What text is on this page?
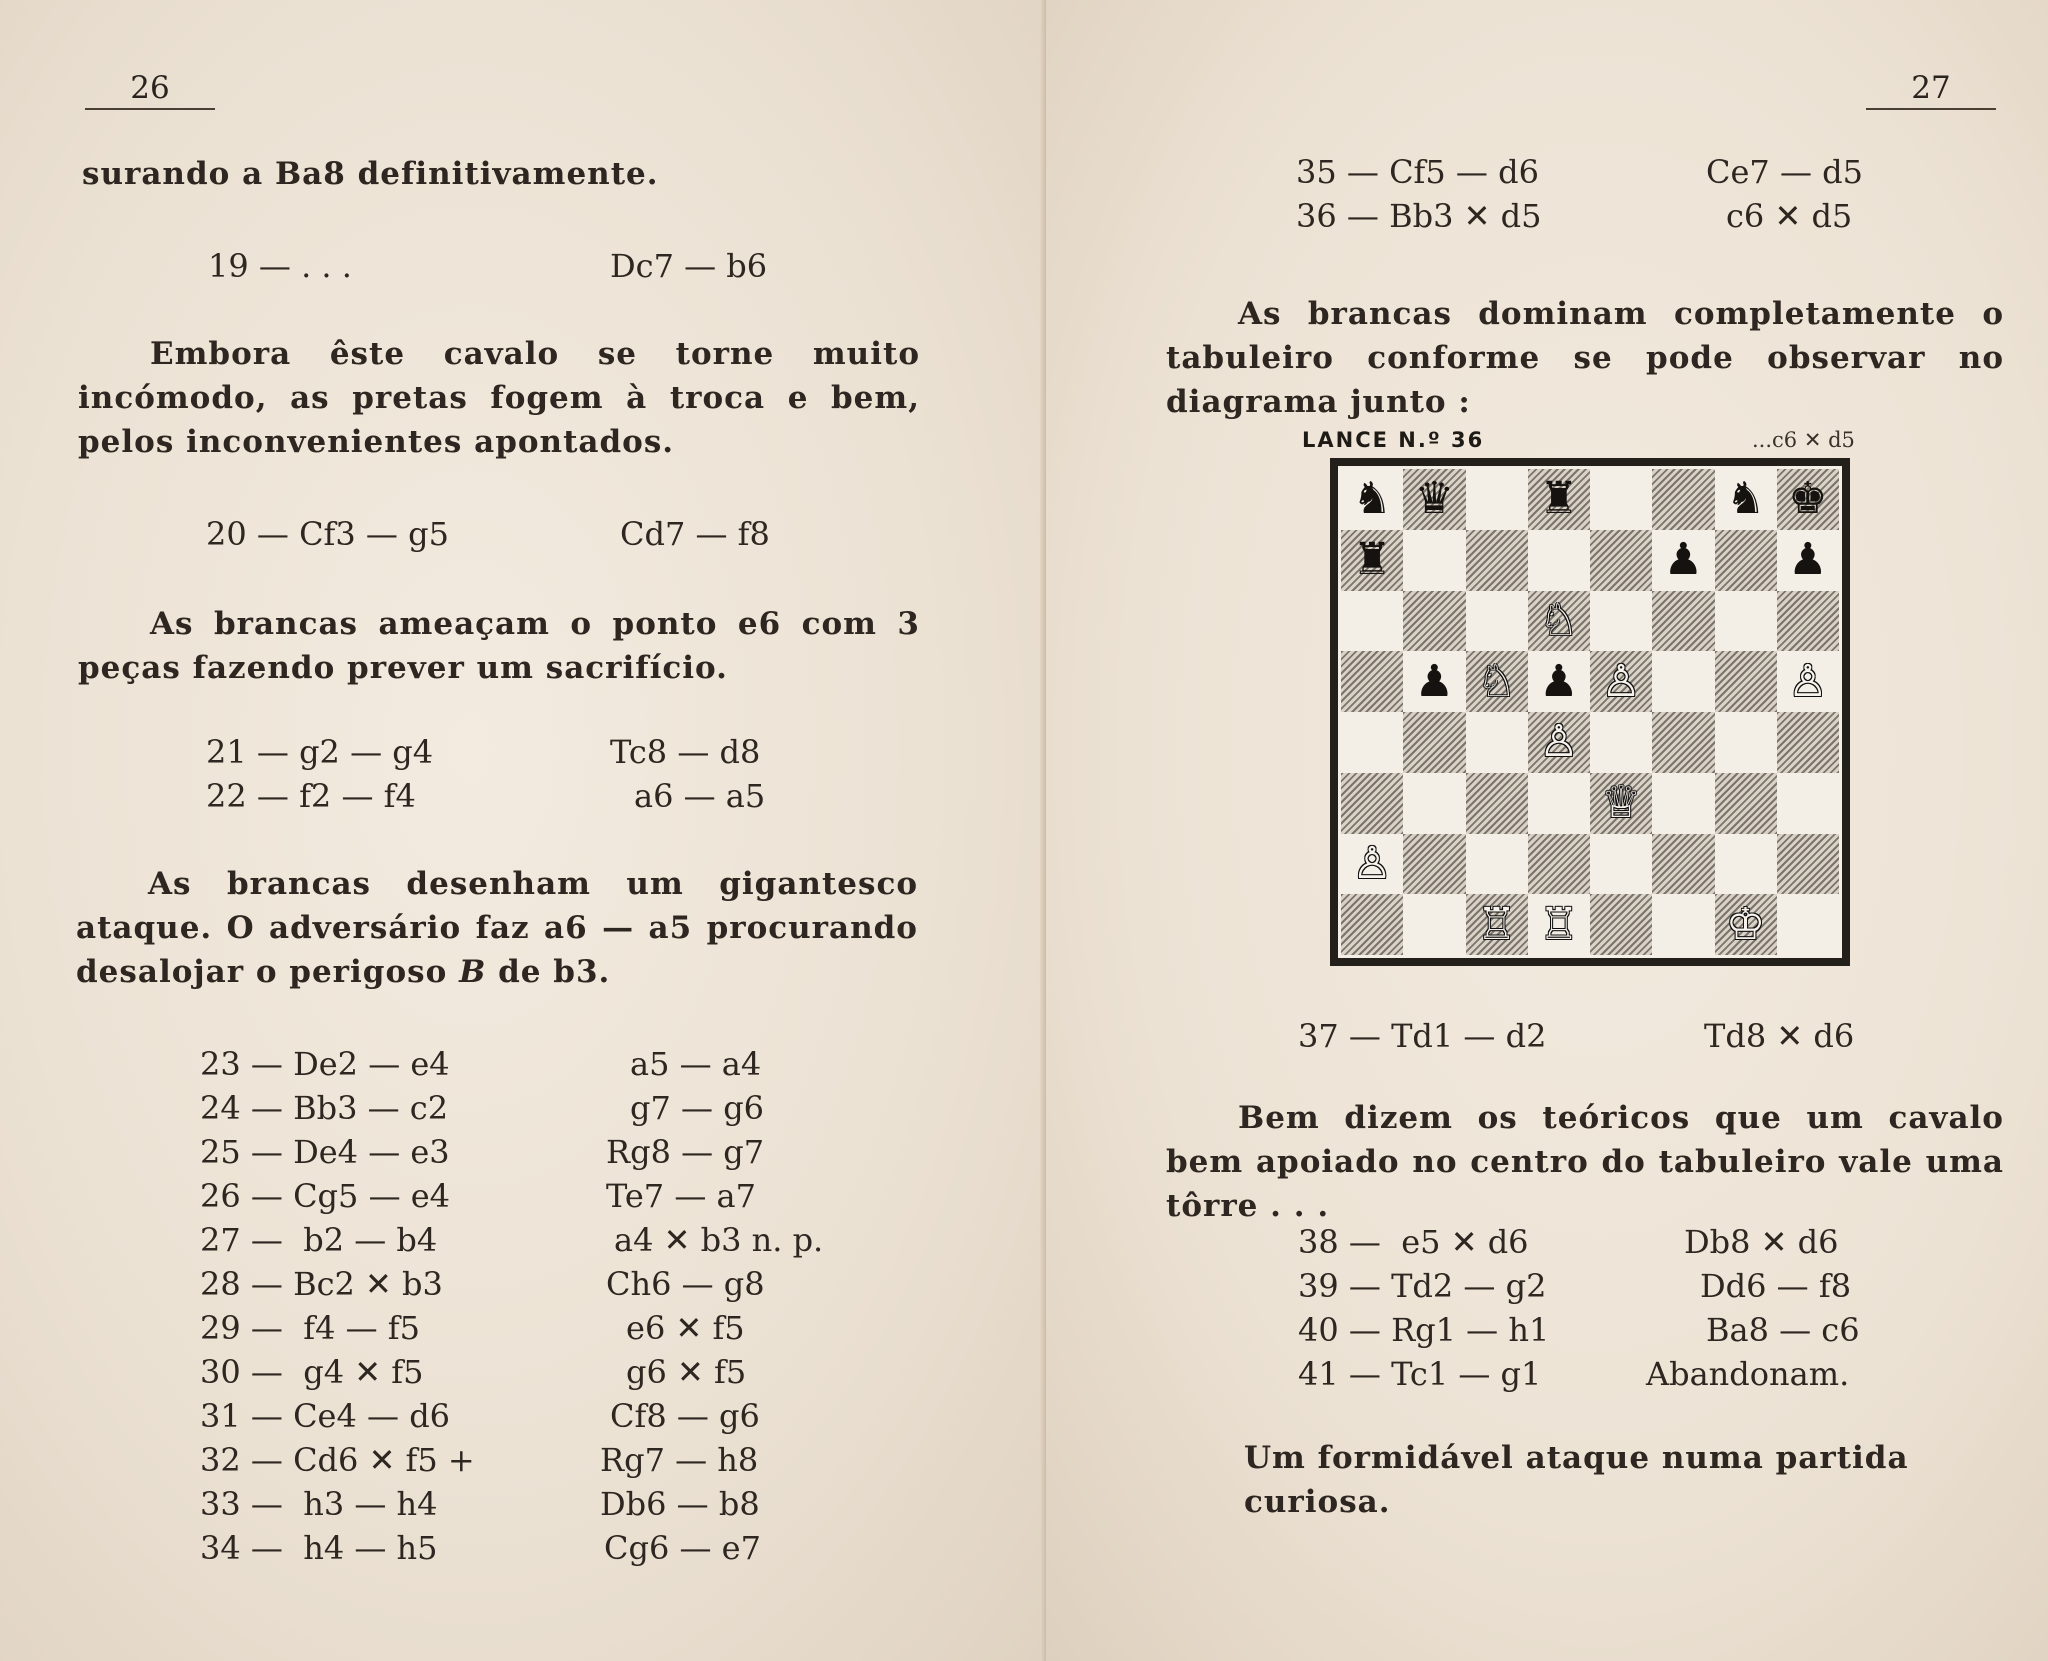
26
surando a Ba8 definitivamente.
19 — . . .	Dc7 — b6
Embora êste cavalo se torne muito incómodo, as pretas fogem à troca e bem, pelos inconvenientes apontados.
20 — Cf3 — g5	Cd7 — f8
As brancas ameaçam o ponto e6 com 3 peças fazendo prever um sacrifício.
21 — g2 — g4	Tc8 — d8
22 — f2 — f4	a6 — a5
As brancas desenham um gigantesco ataque. O adversário faz a6 — a5 procurando desalojar o perigoso B de b3.
23 — De2 — e4	a5 — a4
24 — Bb3 — c2	g7 — g6
25 — De4 — e3	Rg8 — g7
26 — Cg5 — e4	Te7 — a7
27 —  b2 — b4	a4 ✕ b3 n. p.
28 — Bc2 ✕ b3	Ch6 — g8
29 —  f4 — f5	e6 ✕ f5
30 —  g4 ✕ f5	g6 ✕ f5
31 — Ce4 — d6	Cf8 — g6
32 — Cd6 ✕ f5 +	Rg7 — h8
33 —  h3 — h4	Db6 — b8
34 —  h4 — h5	Cg6 — e7
27
35 — Cf5 — d6	Ce7 — d5
36 — Bb3 ✕ d5	c6 ✕ d5
As brancas dominam completamente o tabuleiro conforme se pode observar no diagrama junto :
LANCE N.º 36	...c6 ✕ d5
♞ ♛ ♜	♞ ♚
♜	♟ ♟
♘
♟ ♘ ♟ ♙	♙
♙
♕
♙
♖ ♖	♔
37 — Td1 — d2	Td8 ✕ d6
Bem dizem os teóricos que um cavalo bem apoiado no centro do tabuleiro vale uma tôrre . . .
38 —  e5 ✕ d6	Db8 ✕ d6
39 — Td2 — g2	Dd6 — f8
40 — Rg1 — h1	Ba8 — c6
41 — Tc1 — g1	Abandonam.
Um formidável ataque numa partida curiosa.
